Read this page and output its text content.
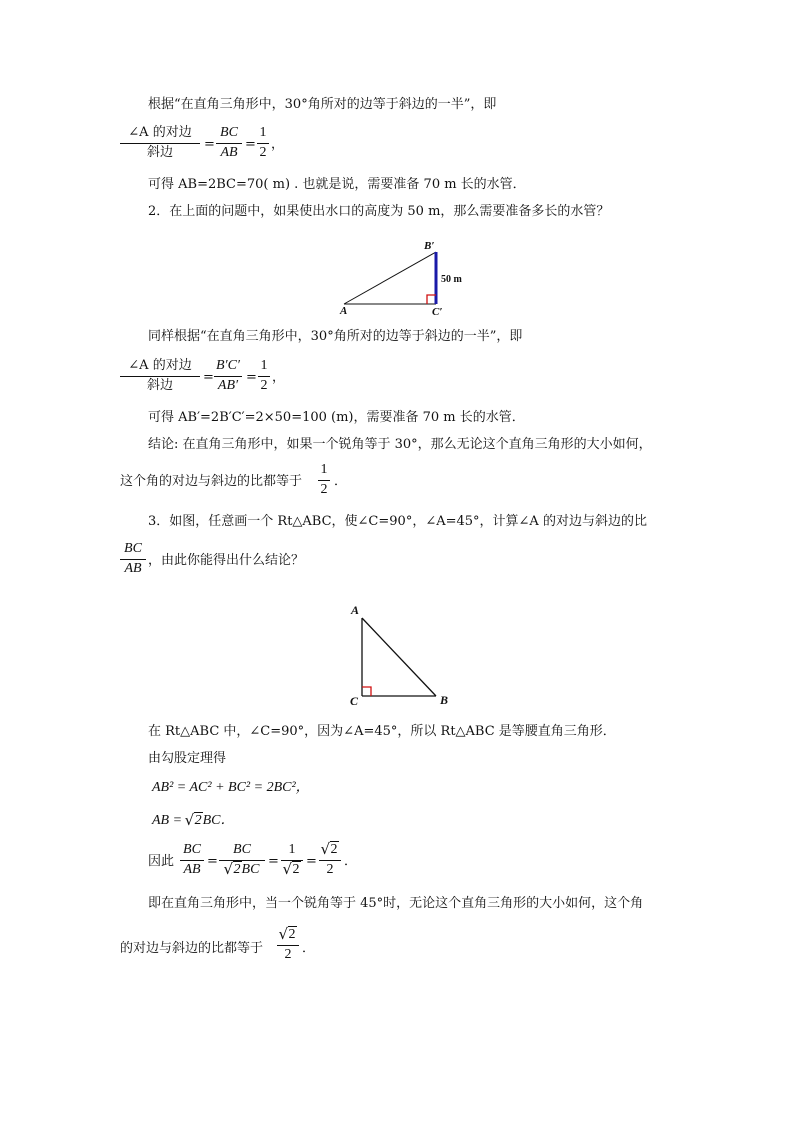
根据“在直角三角形中，30°角所对的边等于斜边的一半”，即
∠A 的对边
斜边
=
BC
AB
=
1
2
，
可得 AB=2BC=70( m) . 也就是说，需要准备 70 m 长的水管．
2．在上面的问题中，如果使出水口的高度为 50 m，那么需要准备多长的水管？
B′
50 m
A	C′
同样根据“在直角三角形中，30°角所对的边等于斜边的一半”，即
∠A 的对边
斜边
=
B′C′
AB′
=
1
2
，
可得 AB′=2B′C′=2×50=100 (m)，需要准备 70 m 长的水管．
结论: 在直角三角形中，如果一个锐角等于 30°，那么无论这个直角三角形的大小如何，
这个角的对边与斜边的比都等于
1
2
．
3．如图，任意画一个 Rt△ABC，使∠C=90°，∠A=45°，计算∠A 的对边与斜边的比
BC
AB
，由此你能得出什么结论？
A
C	B
在 Rt△ABC 中，∠C=90°，因为∠A=45°，所以 Rt△ABC 是等腰直角三角形．
由勾股定理得
AB² = AC² + BC² = 2BC²，
AB = √ 2BC．
因此
BC
AB
=
BC
√ 2BC
=
1
√ 2
=
√ 2
2
．
即在直角三角形中，当一个锐角等于 45°时，无论这个直角三角形的大小如何，这个角
的对边与斜边的比都等于
√ 2
2 ．
